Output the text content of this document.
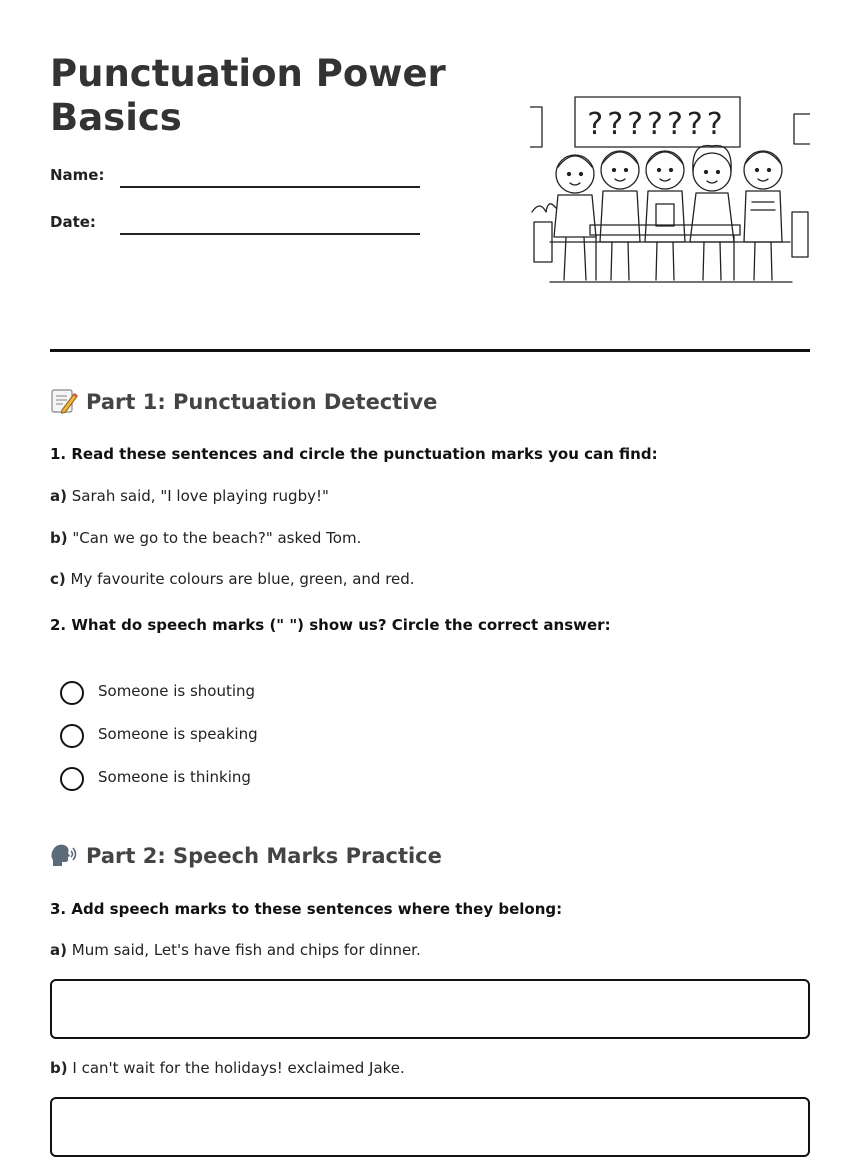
Punctuation Power Basics
Name:
Date:
???????
Part 1: Punctuation Detective

1. Read these sentences and circle the punctuation marks you can find:

a) Sarah said, "I love playing rugby!"

b) "Can we go to the beach?" asked Tom.

c) My favourite colours are blue, green, and red.

2. What do speech marks (" ") show us? Circle the correct answer:

Someone is shouting
Someone is speaking
Someone is thinking
Part 2: Speech Marks Practice

3. Add speech marks to these sentences where they belong:

a) Mum said, Let's have fish and chips for dinner.

b) I can't wait for the holidays! exclaimed Jake.
